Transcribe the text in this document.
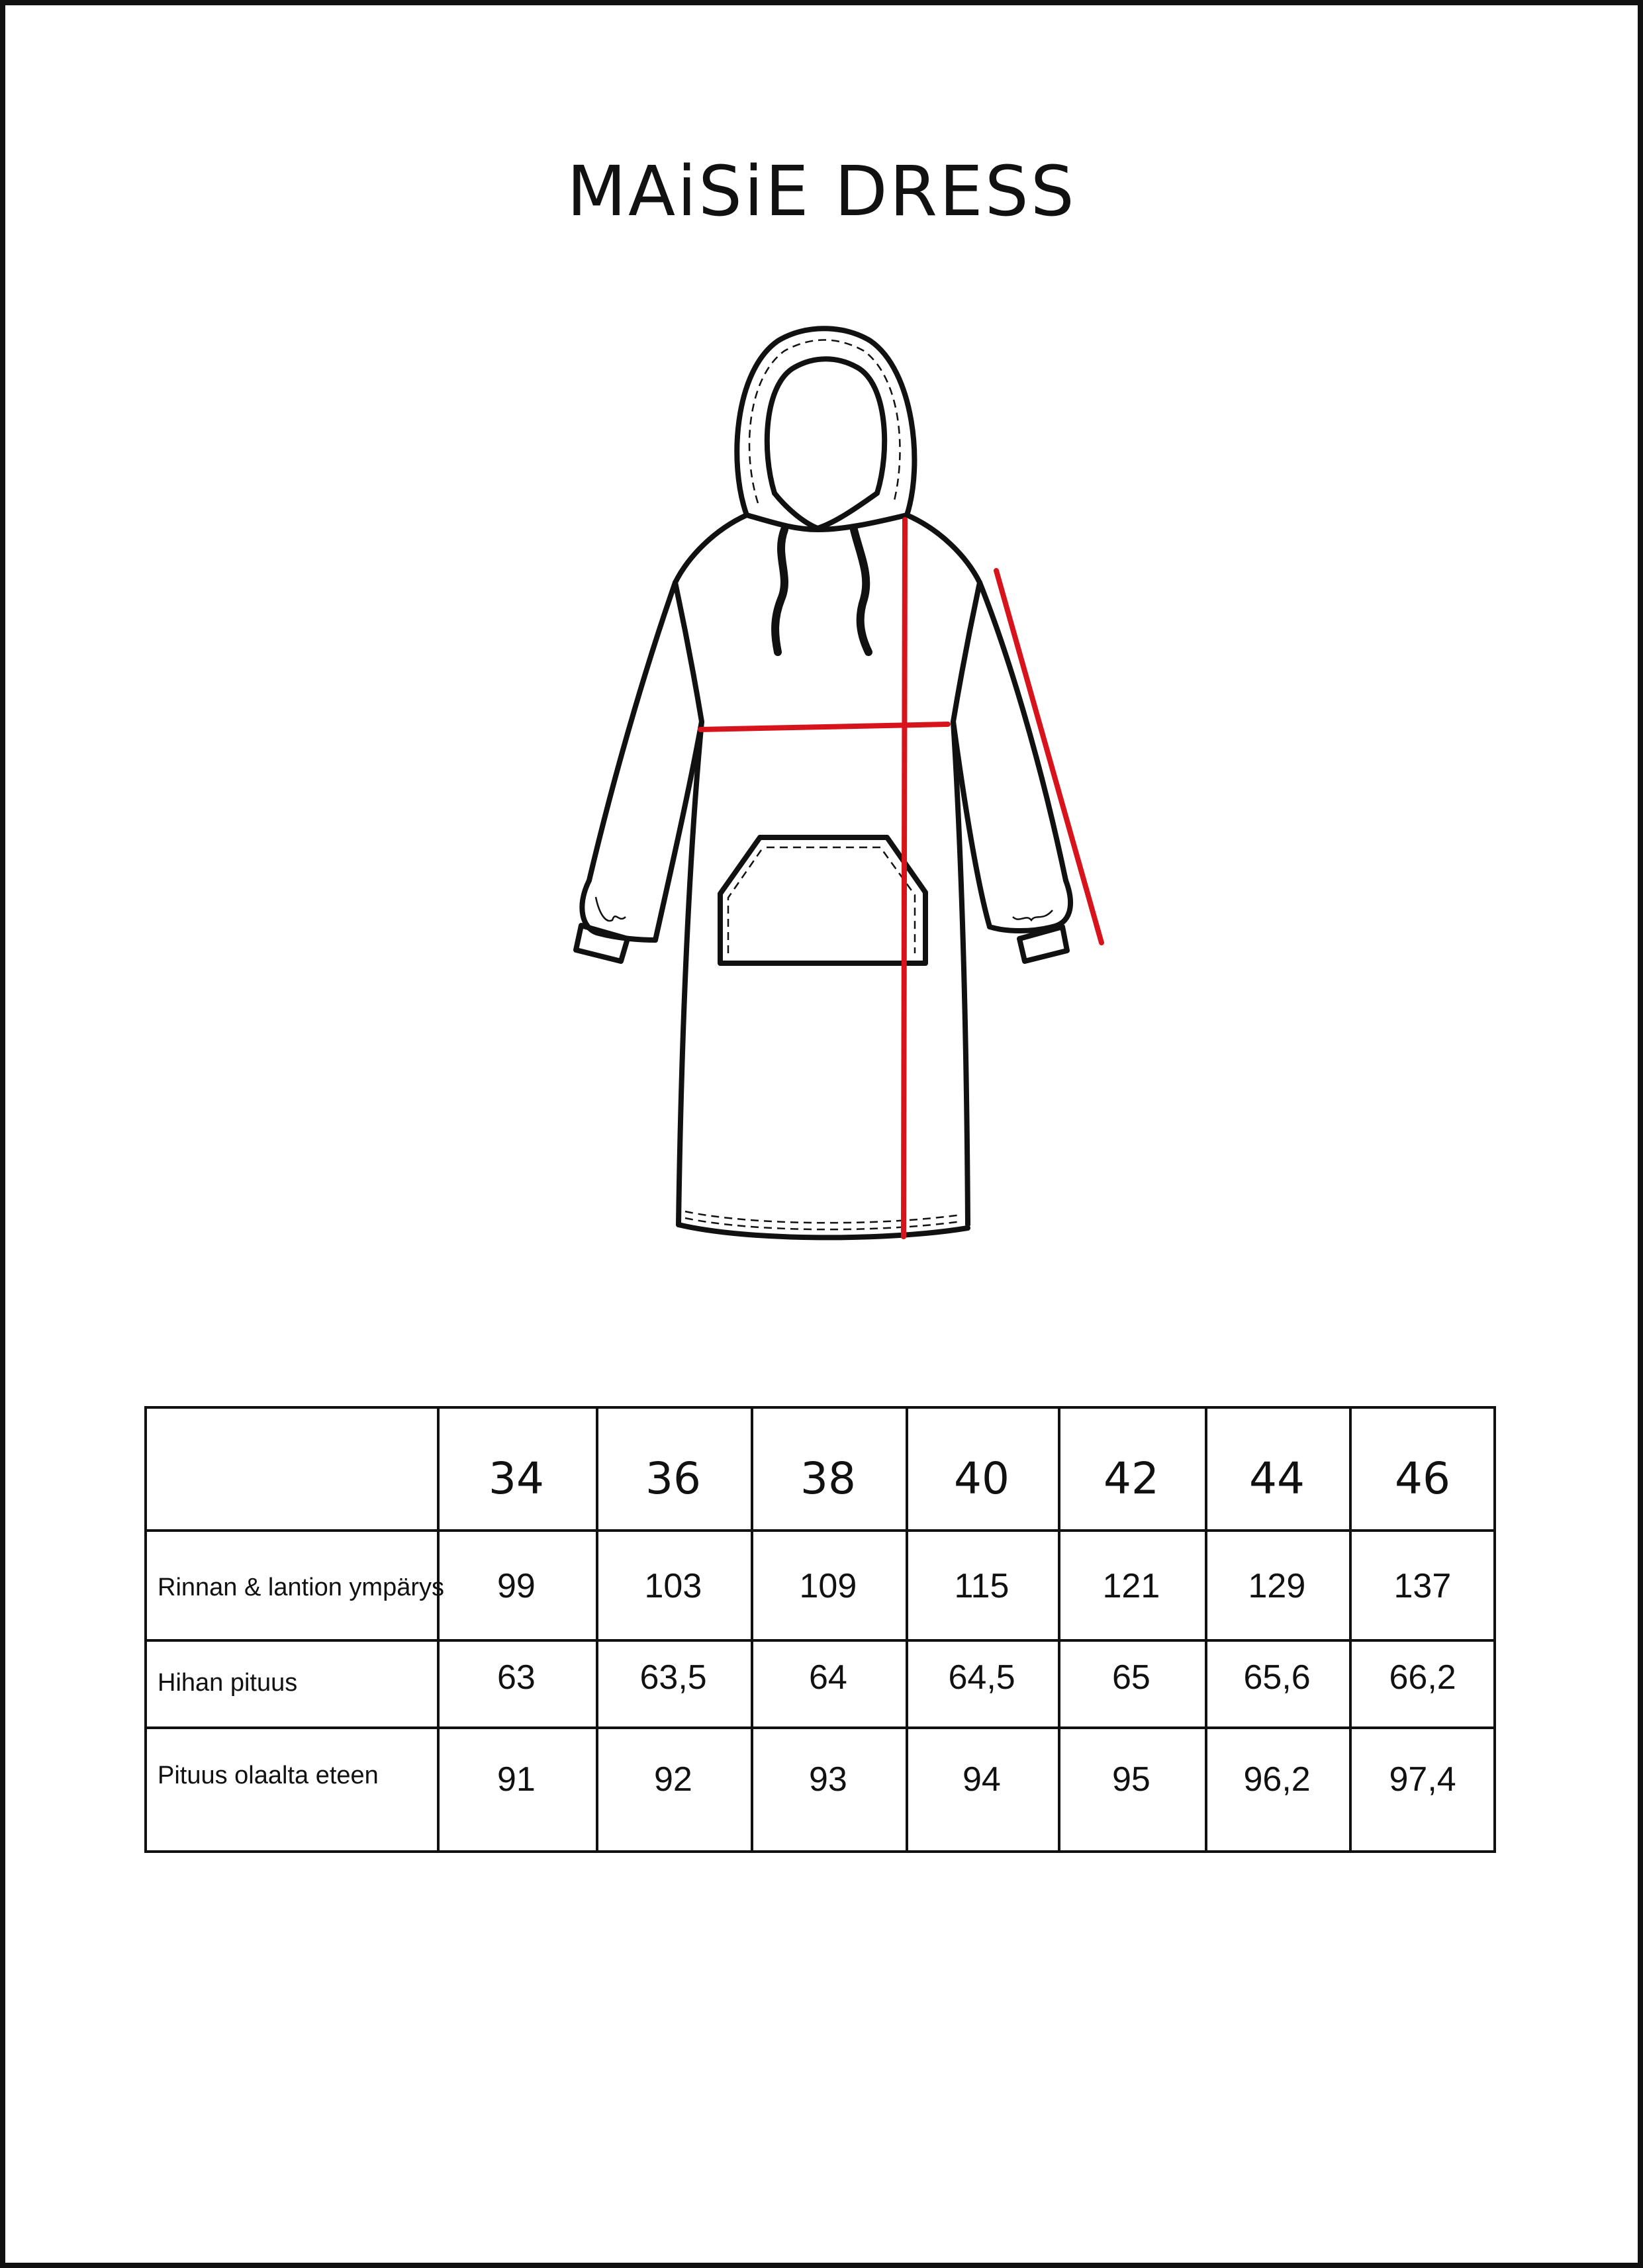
MAiSiE DRESS
34 36 38 40 42 44 46
Rinnan & lantion ympärys 99	103	109	115	121	129	137
Hihan pituus	63	63,5	64	64,5	65	65,6 66,2
Pituus olaalta eteen	91	92	93	94	95	96,2 97,4
